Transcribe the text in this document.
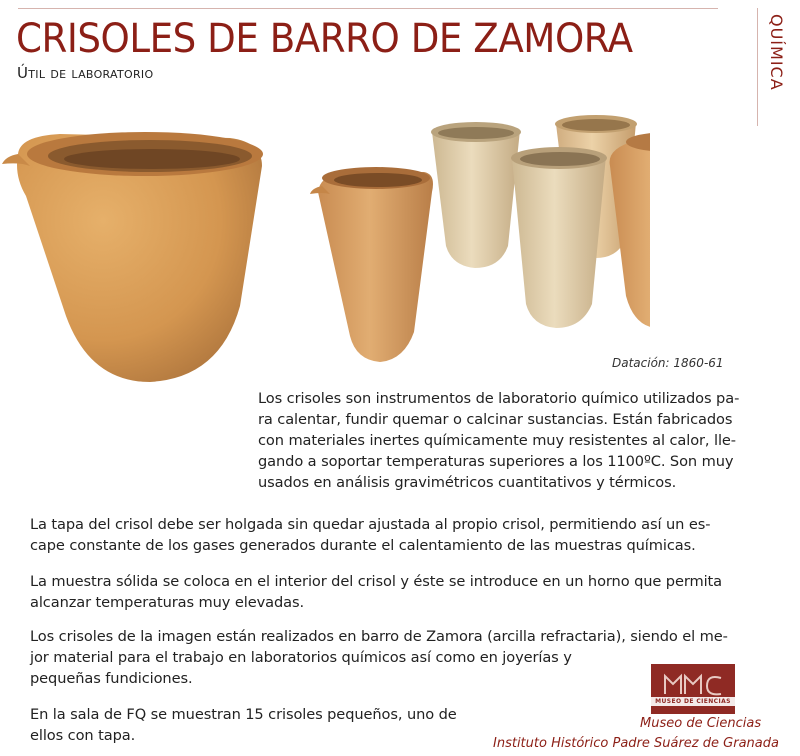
CRISOLES DE BARRO DE ZAMORA
Útil de laboratorio	QUÍMICA
Datación: 1860-61
Los crisoles son instrumentos de laboratorio químico utilizados pa-
ra calentar, fundir quemar o calcinar sustancias. Están fabricados
con materiales inertes químicamente muy resistentes al calor, lle-
gando a soportar temperaturas superiores a los 1100ºC. Son muy
usados en análisis gravimétricos cuantitativos y térmicos.
La tapa del crisol debe ser holgada sin quedar ajustada al propio crisol, permitiendo así un es-
cape constante de los gases generados durante el calentamiento de las muestras químicas.
La muestra sólida se coloca en el interior del crisol y éste se introduce en un horno que permita
alcanzar temperaturas muy elevadas.
Los crisoles de la imagen están realizados en barro de Zamora (arcilla refractaria), siendo el me-
jor material para el trabajo en laboratorios químicos así como en joyerías y
pequeñas fundiciones.
En la sala de FQ se muestran 15 crisoles pequeños, uno de
ellos con tapa.
MUSEO DE CIENCIAS
Museo de Ciencias
Instituto Histórico Padre Suárez de Granada
